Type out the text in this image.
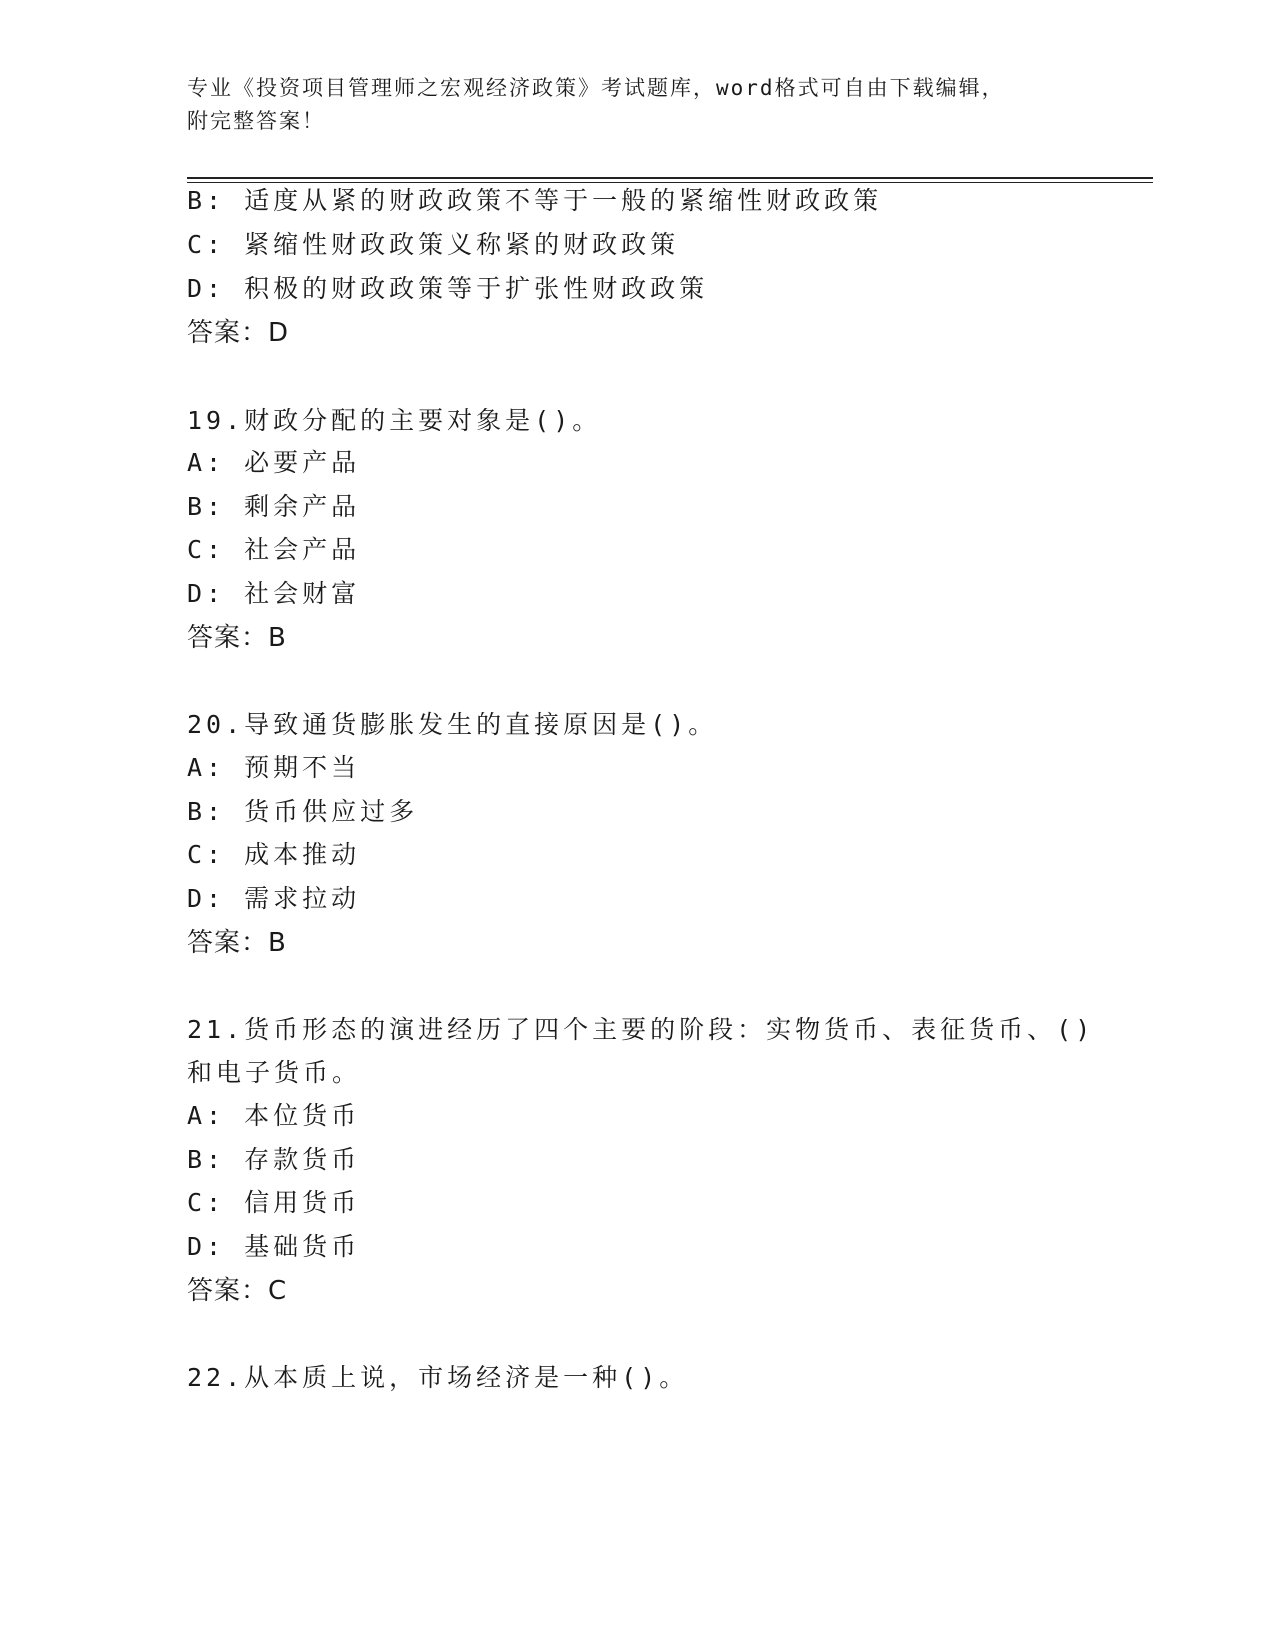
专业《投资项目管理师之宏观经济政策》考试题库，word格式可自由下载编辑，

附完整答案！

B: 适度从紧的财政政策不等于一般的紧缩性财政政策

C: 紧缩性财政政策义称紧的财政政策

D: 积极的财政政策等于扩张性财政政策

答案：D

19.财政分配的主要对象是()。

A: 必要产品

B: 剩余产品

C: 社会产品

D: 社会财富

答案：B

20.导致通货膨胀发生的直接原因是()。

A: 预期不当

B: 货币供应过多

C: 成本推动

D: 需求拉动

答案：B

21.货币形态的演进经历了四个主要的阶段：实物货币、表征货币、()

和电子货币。

A: 本位货币

B: 存款货币

C: 信用货币

D: 基础货币

答案：C

22.从本质上说，市场经济是一种()。
